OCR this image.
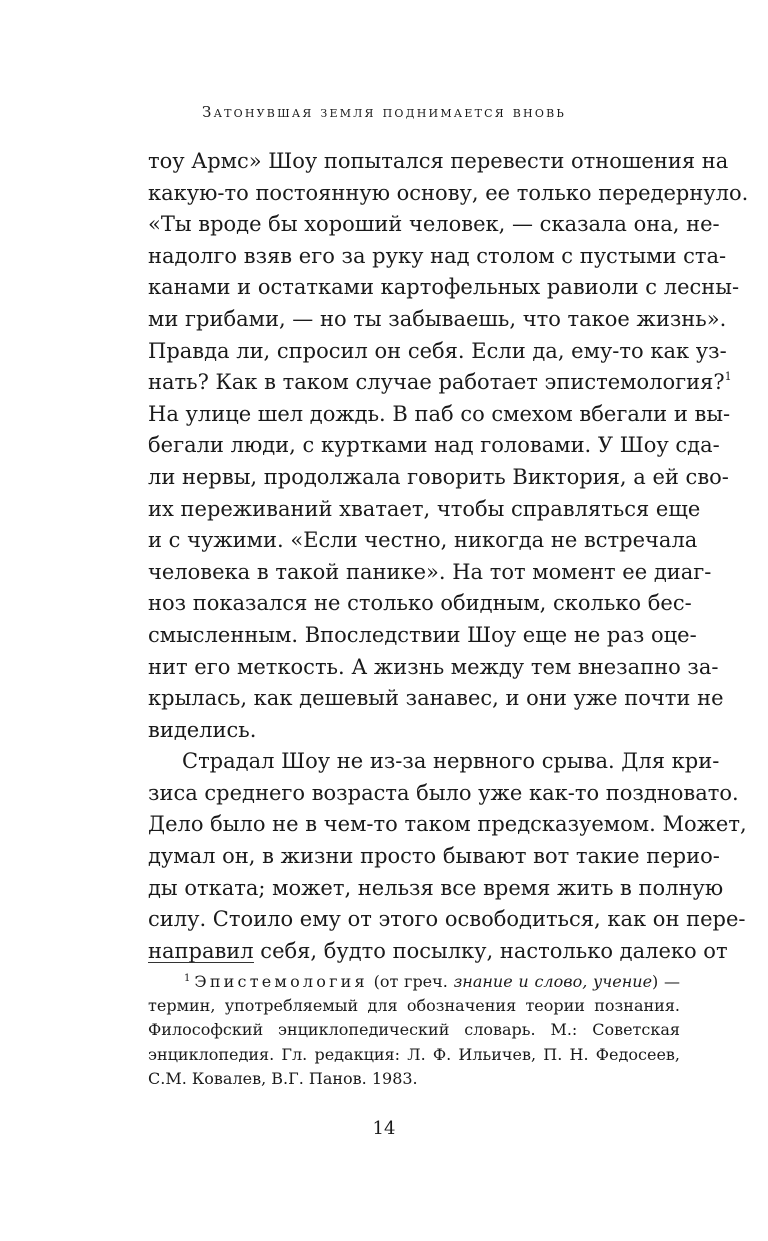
Затонувшая земля поднимается вновь
тоу Армс» Шоу попытался перевести отношения на
какую-то постоянную основу, ее только передернуло.
«Ты вроде бы хороший человек, — сказала она, не-
надолго взяв его за руку над столом с пустыми ста-
канами и остатками картофельных равиоли с лесны-
ми грибами, — но ты забываешь, что такое жизнь».
Правда ли, спросил он себя. Если да, ему-то как уз-
нать? Как в таком случае работает эпистемология?$^1$
На улице шел дождь. В паб со смехом вбегали и вы-
бегали люди, с куртками над головами. У Шоу сда-
ли нервы, продолжала говорить Виктория, а ей сво-
их переживаний хватает, чтобы справляться еще
и с чужими. «Если честно, никогда не встречала
человека в такой панике». На тот момент ее диаг-
ноз показался не столько обидным, сколько бес-
смысленным. Впоследствии Шоу еще не раз оце-
нит его меткость. А жизнь между тем внезапно за-
крылась, как дешевый занавес, и они уже почти не
виделись.
Страдал Шоу не из-за нервного срыва. Для кри-
зиса среднего возраста было уже как-то поздновато.
Дело было не в чем-то таком предсказуемом. Может,
думал он, в жизни просто бывают вот такие перио-
ды отката; может, нельзя все время жить в полную
силу. Стоило ему от этого освободиться, как он пере-
направил себя, будто посылку, настолько далеко от
$^1$ Эпистемология (от греч. знание и слово, учение) —
термин, употребляемый для обозначения теории познания.
Философский энциклопедический словарь. М.: Советская
энциклопедия. Гл. редакция: Л. Ф. Ильичев, П. Н. Федосеев,
С.М. Ковалев, В.Г. Панов. 1983.
14
